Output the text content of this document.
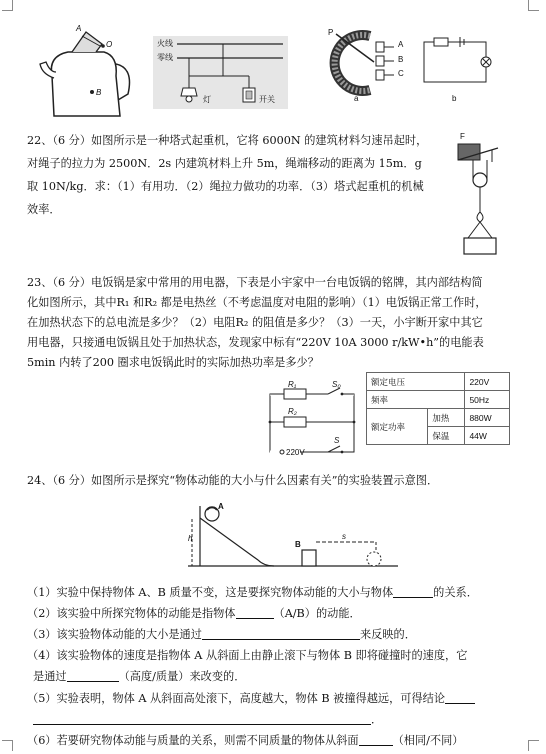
A
O
B
火线
零线
灯	开关
P
A
B
C
a	b
22、（6 分）如图所示是一种塔式起重机，它将 6000N 的建筑材料匀速吊起时，
对绳子的拉力为 2500N．2s 内建筑材料上升 5m，绳端移动的距离为 15m．g
取 10N/kg．求：（1）有用功．（2）绳拉力做功的功率．（3）塔式起重机的机械
效率．
F
23、（6 分）电饭锅是家中常用的用电器，下表是小宇家中一台电饭锅的铭牌，其内部结构简
化如图所示，其中R₁ 和R₂ 都是电热丝（不考虑温度对电阻的影响）（1）电饭锅正常工作时，
在加热状态下的总电流是多少？（2）电阻R₂ 的阻值是多少？（3）一天，小宇断开家中其它
用电器，只接通电饭锅且处于加热状态，发现家中标有“220V 10A 3000 r/kW•h”的电能表
5min 内转了200 圈求电饭锅此时的实际加热功率是多少？
R₁	S₀
R₂
S
220V
额定电压		220V
频率		50Hz
额定功率	加热	880W
	保温	44W
24、（6 分）如图所示是探究“物体动能的大小与什么因素有关”的实验装置示意图．
A
h
B
s
（1）实验中保持物体 A、B 质量不变，这是要探究物体动能的大小与物体	的关系．
（2）该实验中所探究物体的动能是指物体	（A/B）的动能．
（3）该实验物体动能的大小是通过	来反映的．
（4）该实验物体的速度是指物体 A 从斜面上由静止滚下与物体 B 即将碰撞时的速度，它
是通过	（高度/质量）来改变的．
（5）实验表明，物体 A 从斜面高处滚下，高度越大，物体 B 被撞得越远，可得结论
．
（6）若要研究物体动能与质量的关系，则需不同质量的物体从斜面	（相同/不同）
